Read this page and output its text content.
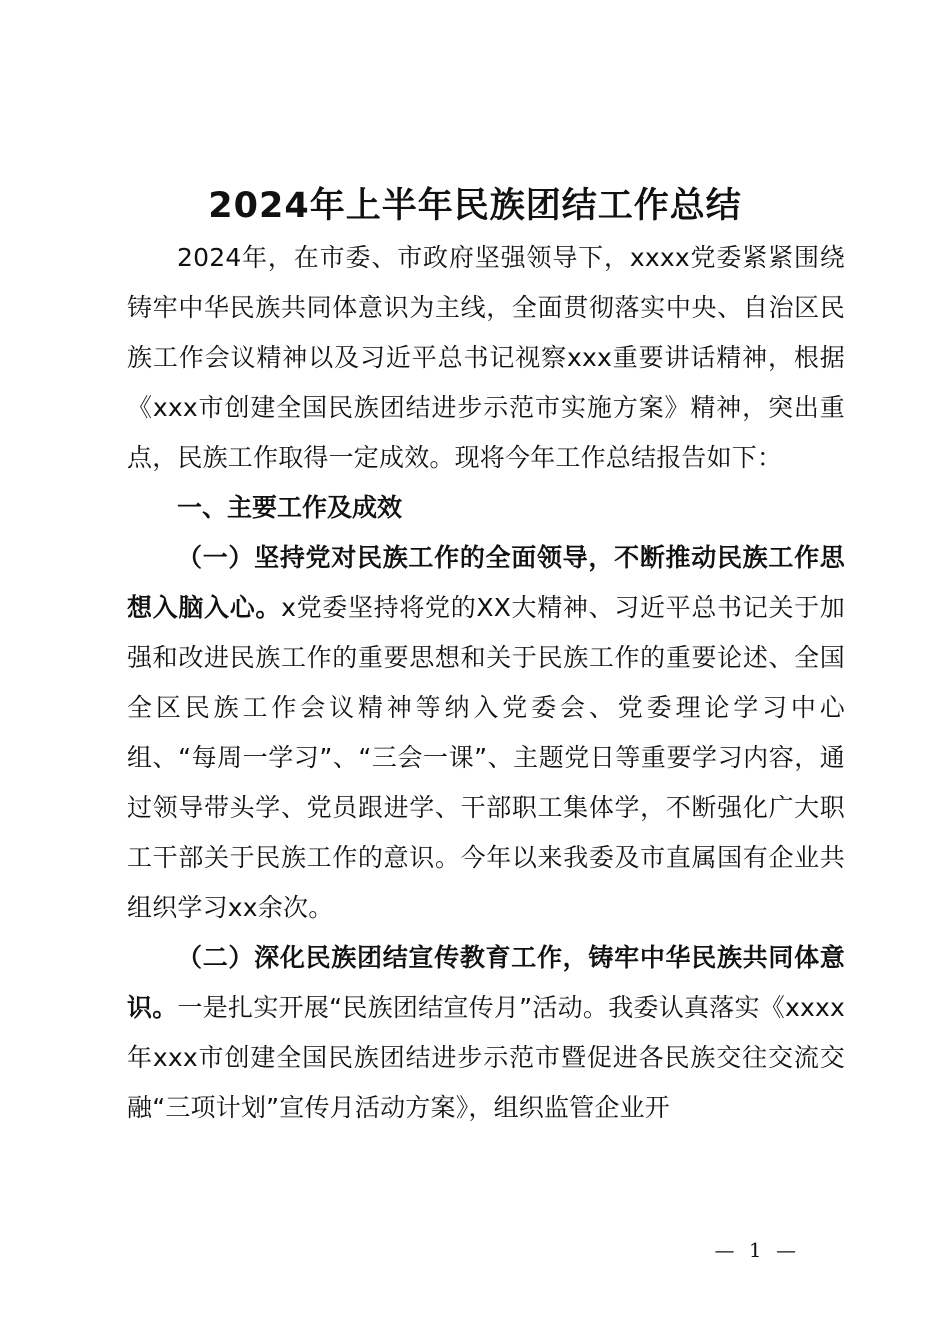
2024年上半年民族团结工作总结

2024年，在市委、市政府坚强领导下，xxxx党委紧紧围绕铸牢中华民族共同体意识为主线，全面贯彻落实中央、自治区民族工作会议精神以及习近平总书记视察xxx重要讲话精神，根据《xxx市创建全国民族团结进步示范市实施方案》精神，突出重点，民族工作取得一定成效。现将今年工作总结报告如下：

一、主要工作及成效

（一）坚持党对民族工作的全面领导，不断推动民族工作思想入脑入心。x党委坚持将党的XX大精神、习近平总书记关于加强和改进民族工作的重要思想和关于民族工作的重要论述、全国全区民族工作会议精神等纳入党委会、党委理论学习中心组、“每周一学习”、“三会一课”、主题党日等重要学习内容，通过领导带头学、党员跟进学、干部职工集体学，不断强化广大职工干部关于民族工作的意识。今年以来我委及市直属国有企业共组织学习xx余次。

（二）深化民族团结宣传教育工作，铸牢中华民族共同体意识。一是扎实开展“民族团结宣传月”活动。我委认真落实《xxxx年xxx市创建全国民族团结进步示范市暨促进各民族交往交流交融“三项计划”宣传月活动方案》，组织监管企业开

— 1 —
